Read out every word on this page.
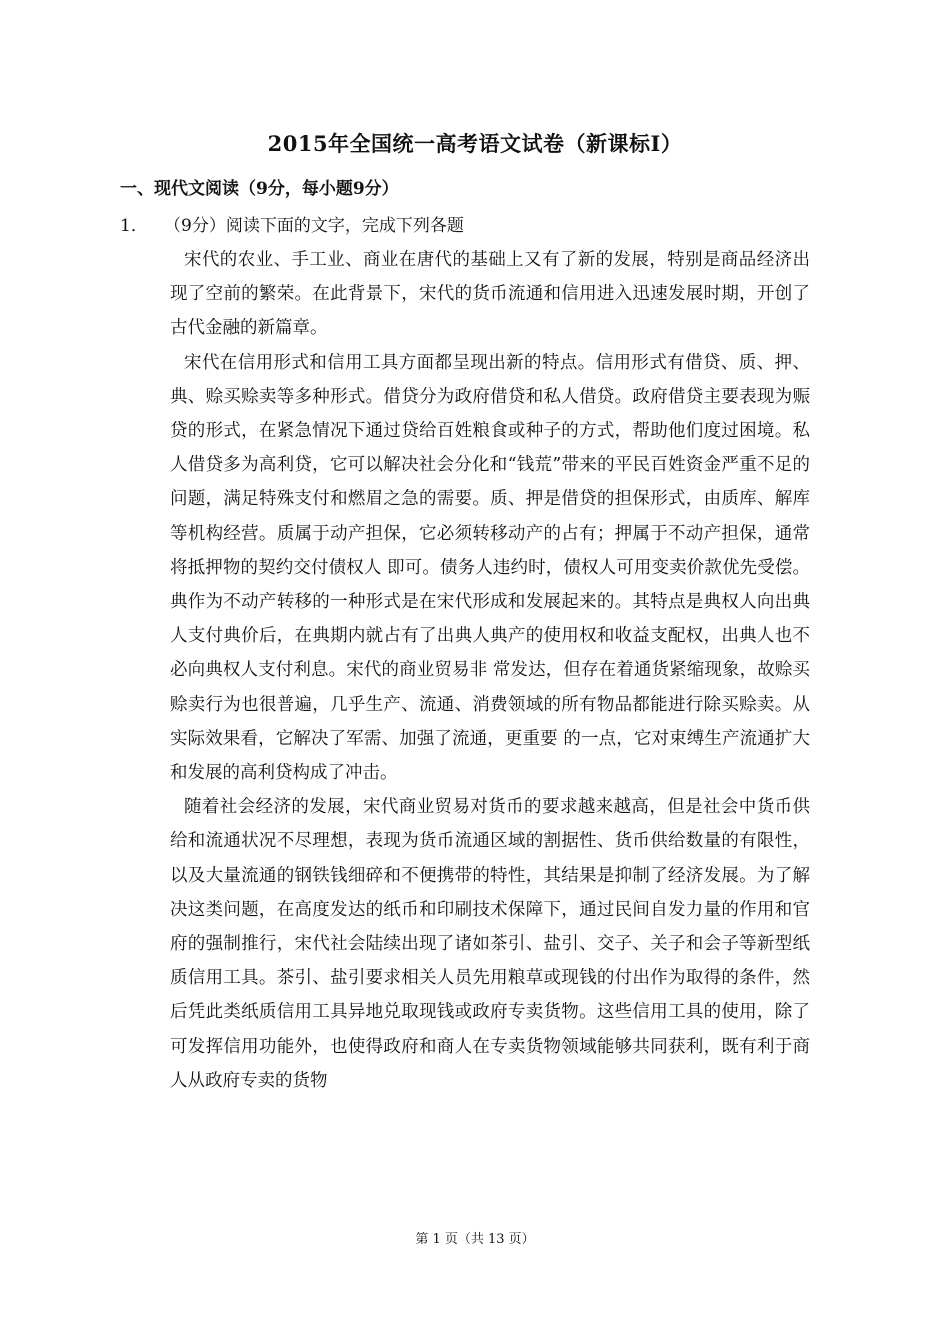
2015年全国统一高考语文试卷（新课标I）
一、现代文阅读（9分，每小题9分）
1． （9分）阅读下面的文字，完成下列各题

宋代的农业、手工业、商业在唐代的基础上又有了新的发展，特别是商品经济出现了空前的繁荣。在此背景下，宋代的货币流通和信用进入迅速发展时期，开创了古代金融的新篇章。

宋代在信用形式和信用工具方面都呈现出新的特点。信用形式有借贷、质、押、典、赊买赊卖等多种形式。借贷分为政府借贷和私人借贷。政府借贷主要表现为赈贷的形式，在紧急情况下通过贷给百姓粮食或种子的方式，帮助他们度过困境。私人借贷多为高利贷，它可以解决社会分化和“钱荒”带来的平民百姓资金严重不足的问题，满足特殊支付和燃眉之急的需要。质、押是借贷的担保形式，由质库、解库等机构经营。质属于动产担保，它必须转移动产的占有；押属于不动产担保，通常将抵押物的契约交付债权人 即可。债务人违约时，债权人可用变卖价款优先受偿。典作为不动产转移的一种形式是在宋代形成和发展起来的。其特点是典权人向出典人支付典价后，在典期内就占有了出典人典产的使用权和收益支配权，出典人也不必向典权人支付利息。宋代的商业贸易非 常发达，但存在着通货紧缩现象，故赊买赊卖行为也很普遍，几乎生产、流通、消费领域的所有物品都能进行除买赊卖。从实际效果看，它解决了军需、加强了流通，更重要 的一点，它对束缚生产流通扩大和发展的高利贷构成了冲击。

随着社会经济的发展，宋代商业贸易对货币的要求越来越高，但是社会中货币供给和流通状况不尽理想，表现为货币流通区域的割据性、货币供给数量的有限性，以及大量流通的钢铁钱细碎和不便携带的特性，其结果是抑制了经济发展。为了解决这类问题，在高度发达的纸币和印刷技术保障下，通过民间自发力量的作用和官府的强制推行，宋代社会陆续出现了诸如茶引、盐引、交子、关子和会子等新型纸质信用工具。茶引、盐引要求相关人员先用粮草或现钱的付出作为取得的条件，然后凭此类纸质信用工具异地兑取现钱或政府专卖货物。这些信用工具的使用，除了可发挥信用功能外，也使得政府和商人在专卖货物领域能够共同获利，既有利于商人从政府专卖的货物

第 1 页（共 13 页）
